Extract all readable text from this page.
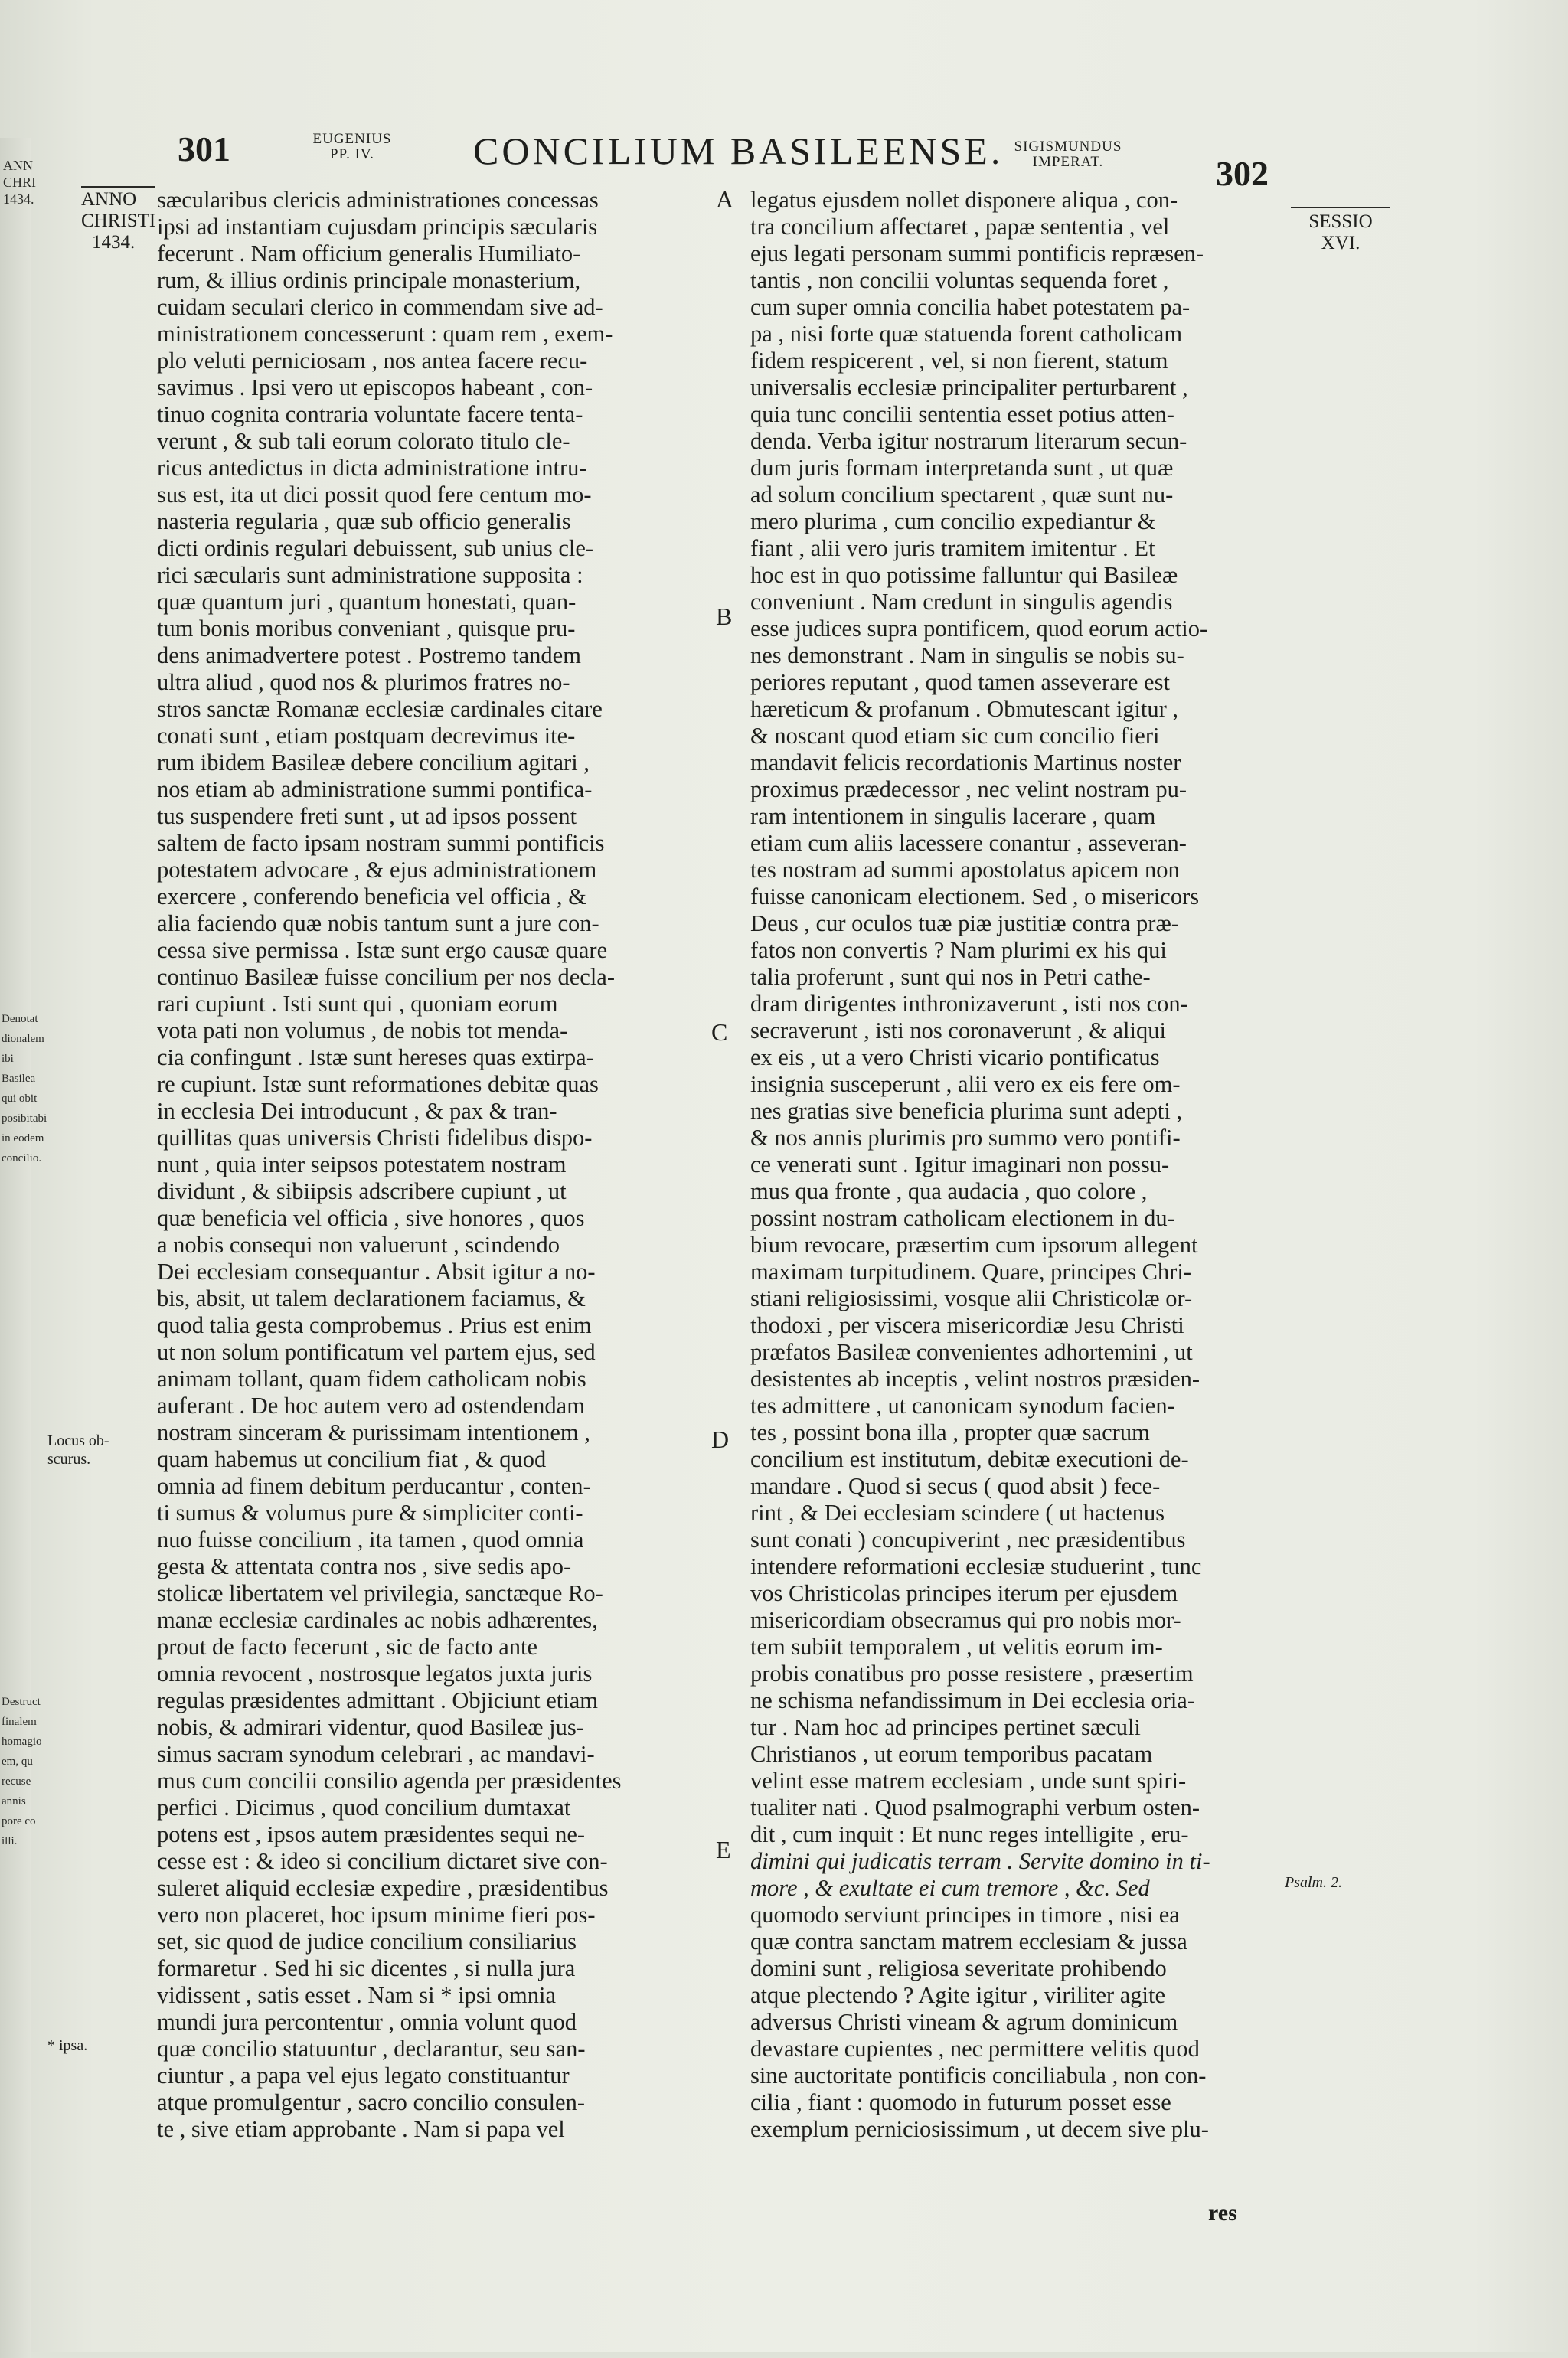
ANN
CHRI
1434.
Denotat
dionalem
ibi Basilea
qui obit
posibitabi
in eodem
concilio.
Destruct
finalem
homagio
em, qu
recuse
annis
pore co
illi.
301	EUGENIUS
PP. IV.	CONCILIUM BASILEENSE. SIGISMUNDUS
IMPERAT.	302
ANNO
CHRISTI
1434.
SESSIO
XVI.
Locus ob-
scurus.
* ipsa.
Psalm. 2.
A
B
C
D
E

sæcularibus clericis administrationes concessas

ipsi ad instantiam cujusdam principis sæcularis

fecerunt . Nam officium generalis Humiliato-

rum, & illius ordinis principale monasterium,

cuidam seculari clerico in commendam sive ad-

ministrationem concesserunt : quam rem , exem-

plo veluti perniciosam , nos antea facere recu-

savimus . Ipsi vero ut episcopos habeant , con-

tinuo cognita contraria voluntate facere tenta-

verunt , & sub tali eorum colorato titulo cle-

ricus antedictus in dicta administratione intru-

sus est, ita ut dici possit quod fere centum mo-

nasteria regularia , quæ sub officio generalis

dicti ordinis regulari debuissent, sub unius cle-

rici sæcularis sunt administratione supposita :

quæ quantum juri , quantum honestati, quan-

tum bonis moribus conveniant , quisque pru-

dens animadvertere potest . Postremo tandem

ultra aliud , quod nos & plurimos fratres no-

stros sanctæ Romanæ ecclesiæ cardinales citare

conati sunt , etiam postquam decrevimus ite-

rum ibidem Basileæ debere concilium agitari ,

nos etiam ab administratione summi pontifica-

tus suspendere freti sunt , ut ad ipsos possent

saltem de facto ipsam nostram summi pontificis

potestatem advocare , & ejus administrationem

exercere , conferendo beneficia vel officia , &

alia faciendo quæ nobis tantum sunt a jure con-

cessa sive permissa . Istæ sunt ergo causæ quare

continuo Basileæ fuisse concilium per nos decla-

rari cupiunt . Isti sunt qui , quoniam eorum

vota pati non volumus , de nobis tot menda-

cia confingunt . Istæ sunt hereses quas extirpa-

re cupiunt. Istæ sunt reformationes debitæ quas

in ecclesia Dei introducunt , & pax & tran-

quillitas quas universis Christi fidelibus dispo-

nunt , quia inter seipsos potestatem nostram

dividunt , & sibiipsis adscribere cupiunt , ut

quæ beneficia vel officia , sive honores , quos

a nobis consequi non valuerunt , scindendo

Dei ecclesiam consequantur . Absit igitur a no-

bis, absit, ut talem declarationem faciamus, &

quod talia gesta comprobemus . Prius est enim

ut non solum pontificatum vel partem ejus, sed

animam tollant, quam fidem catholicam nobis

auferant . De hoc autem vero ad ostendendam

nostram sinceram & purissimam intentionem ,

quam habemus ut concilium fiat , & quod

omnia ad finem debitum perducantur , conten-

ti sumus & volumus pure & simpliciter conti-

nuo fuisse concilium , ita tamen , quod omnia

gesta & attentata contra nos , sive sedis apo-

stolicæ libertatem vel privilegia, sanctæque Ro-

manæ ecclesiæ cardinales ac nobis adhærentes,

prout de facto fecerunt , sic de facto ante

omnia revocent , nostrosque legatos juxta juris

regulas præsidentes admittant . Objiciunt etiam

nobis, & admirari videntur, quod Basileæ jus-

simus sacram synodum celebrari , ac mandavi-

mus cum concilii consilio agenda per præsidentes

perfici . Dicimus , quod concilium dumtaxat

potens est , ipsos autem præsidentes sequi ne-

cesse est : & ideo si concilium dictaret sive con-

suleret aliquid ecclesiæ expedire , præsidentibus

vero non placeret, hoc ipsum minime fieri pos-

set, sic quod de judice concilium consiliarius

formaretur . Sed hi sic dicentes , si nulla jura

vidissent , satis esset . Nam si * ipsi omnia

mundi jura percontentur , omnia volunt quod

quæ concilio statuuntur , declarantur, seu san-

ciuntur , a papa vel ejus legato constituantur

atque promulgentur , sacro concilio consulen-

te , sive etiam approbante . Nam si papa vel

legatus ejusdem nollet disponere aliqua , con-

tra concilium affectaret , papæ sententia , vel

ejus legati personam summi pontificis repræsen-

tantis , non concilii voluntas sequenda foret ,

cum super omnia concilia habet potestatem pa-

pa , nisi forte quæ statuenda forent catholicam

fidem respicerent , vel, si non fierent, statum

universalis ecclesiæ principaliter perturbarent ,

quia tunc concilii sententia esset potius atten-

denda. Verba igitur nostrarum literarum secun-

dum juris formam interpretanda sunt , ut quæ

ad solum concilium spectarent , quæ sunt nu-

mero plurima , cum concilio expediantur &

fiant , alii vero juris tramitem imitentur . Et

hoc est in quo potissime falluntur qui Basileæ

conveniunt . Nam credunt in singulis agendis

esse judices supra pontificem, quod eorum actio-

nes demonstrant . Nam in singulis se nobis su-

periores reputant , quod tamen asseverare est

hæreticum & profanum . Obmutescant igitur ,

& noscant quod etiam sic cum concilio fieri

mandavit felicis recordationis Martinus noster

proximus prædecessor , nec velint nostram pu-

ram intentionem in singulis lacerare , quam

etiam cum aliis lacessere conantur , asseveran-

tes nostram ad summi apostolatus apicem non

fuisse canonicam electionem. Sed , o misericors

Deus , cur oculos tuæ piæ justitiæ contra præ-

fatos non convertis ? Nam plurimi ex his qui

talia proferunt , sunt qui nos in Petri cathe-

dram dirigentes inthronizaverunt , isti nos con-

secraverunt , isti nos coronaverunt , & aliqui

ex eis , ut a vero Christi vicario pontificatus

insignia susceperunt , alii vero ex eis fere om-

nes gratias sive beneficia plurima sunt adepti ,

& nos annis plurimis pro summo vero pontifi-

ce venerati sunt . Igitur imaginari non possu-

mus qua fronte , qua audacia , quo colore ,

possint nostram catholicam electionem in du-

bium revocare, præsertim cum ipsorum allegent

maximam turpitudinem. Quare, principes Chri-

stiani religiosissimi, vosque alii Christicolæ or-

thodoxi , per viscera misericordiæ Jesu Christi

præfatos Basileæ convenientes adhortemini , ut

desistentes ab inceptis , velint nostros præsiden-

tes admittere , ut canonicam synodum facien-

tes , possint bona illa , propter quæ sacrum

concilium est institutum, debitæ executioni de-

mandare . Quod si secus ( quod absit ) fece-

rint , & Dei ecclesiam scindere ( ut hactenus

sunt conati ) concupiverint , nec præsidentibus

intendere reformationi ecclesiæ studuerint , tunc

vos Christicolas principes iterum per ejusdem

misericordiam obsecramus qui pro nobis mor-

tem subiit temporalem , ut velitis eorum im-

probis conatibus pro posse resistere , præsertim

ne schisma nefandissimum in Dei ecclesia oria-

tur . Nam hoc ad principes pertinet sæculi

Christianos , ut eorum temporibus pacatam

velint esse matrem ecclesiam , unde sunt spiri-

tualiter nati . Quod psalmographi verbum osten-

dit , cum inquit : Et nunc reges intelligite , eru-

dimini qui judicatis terram . Servite domino in ti-

more , & exultate ei cum tremore , &c. Sed

quomodo serviunt principes in timore , nisi ea

quæ contra sanctam matrem ecclesiam & jussa

domini sunt , religiosa severitate prohibendo

atque plectendo ? Agite igitur , viriliter agite

adversus Christi vineam & agrum dominicum

devastare cupientes , nec permittere velitis quod

sine auctoritate pontificis conciliabula , non con-

cilia , fiant : quomodo in futurum posset esse

exemplum perniciosissimum , ut decem sive plu-

res
